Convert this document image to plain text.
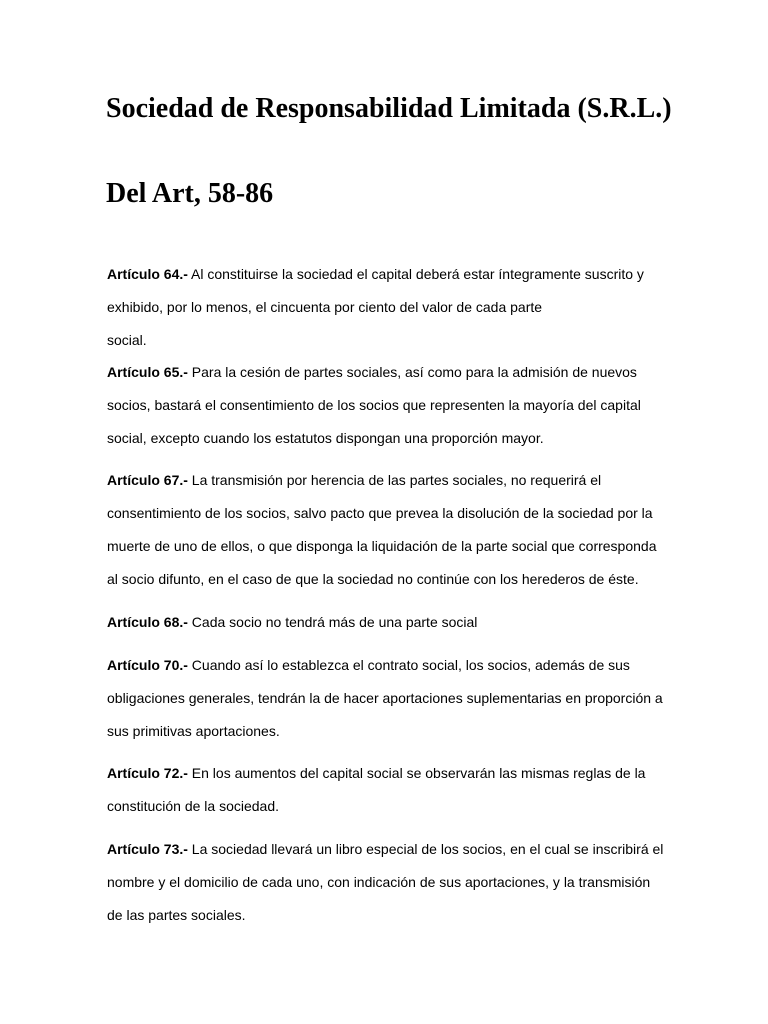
Sociedad de Responsabilidad Limitada (S.R.L.)
Del Art, 58-86

Artículo 64.- Al constituirse la sociedad el capital deberá estar íntegramente suscrito y

exhibido, por lo menos, el cincuenta por ciento del valor de cada parte

social.

Artículo 65.- Para la cesión de partes sociales, así como para la admisión de nuevos

socios, bastará el consentimiento de los socios que representen la mayoría del capital

social, excepto cuando los estatutos dispongan una proporción mayor.

Artículo 67.- La transmisión por herencia de las partes sociales, no requerirá el

consentimiento de los socios, salvo pacto que prevea la disolución de la sociedad por la

muerte de uno de ellos, o que disponga la liquidación de la parte social que corresponda

al socio difunto, en el caso de que la sociedad no continúe con los herederos de éste.

Artículo 68.- Cada socio no tendrá más de una parte social

Artículo 70.- Cuando así lo establezca el contrato social, los socios, además de sus

obligaciones generales, tendrán la de hacer aportaciones suplementarias en proporción a

sus primitivas aportaciones.

Artículo 72.- En los aumentos del capital social se observarán las mismas reglas de la

constitución de la sociedad.

Artículo 73.- La sociedad llevará un libro especial de los socios, en el cual se inscribirá el

nombre y el domicilio de cada uno, con indicación de sus aportaciones, y la transmisión

de las partes sociales.
